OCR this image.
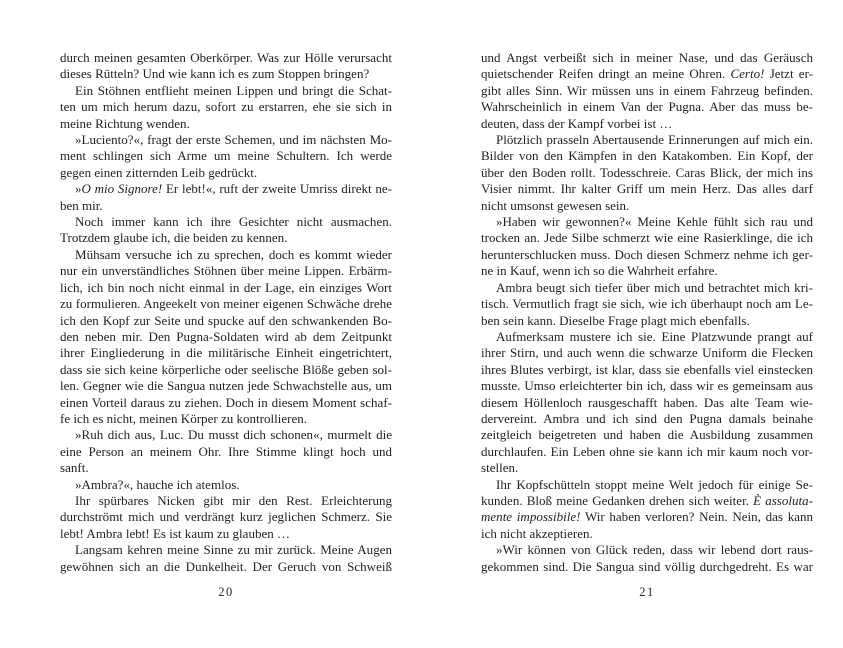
durch meinen gesamten Oberkörper. Was zur Hölle verursacht
dieses Rütteln? Und wie kann ich es zum Stoppen bringen?
Ein Stöhnen entflieht meinen Lippen und bringt die Schat-
ten um mich herum dazu, sofort zu erstarren, ehe sie sich in
meine Richtung wenden.
»Luciento?«, fragt der erste Schemen, und im nächsten Mo-
ment schlingen sich Arme um meine Schultern. Ich werde
gegen einen zitternden Leib gedrückt.
»O mio Signore! Er lebt!«, ruft der zweite Umriss direkt ne-
ben mir.
Noch immer kann ich ihre Gesichter nicht ausmachen.
Trotzdem glaube ich, die beiden zu kennen.
Mühsam versuche ich zu sprechen, doch es kommt wieder
nur ein unverständliches Stöhnen über meine Lippen. Erbärm-
lich, ich bin noch nicht einmal in der Lage, ein einziges Wort
zu formulieren. Angeekelt von meiner eigenen Schwäche drehe
ich den Kopf zur Seite und spucke auf den schwankenden Bo-
den neben mir. Den Pugna-Soldaten wird ab dem Zeitpunkt
ihrer Eingliederung in die militärische Einheit eingetrichtert,
dass sie sich keine körperliche oder seelische Blöße geben sol-
len. Gegner wie die Sangua nutzen jede Schwachstelle aus, um
einen Vorteil daraus zu ziehen. Doch in diesem Moment schaf-
fe ich es nicht, meinen Körper zu kontrollieren.
»Ruh dich aus, Luc. Du musst dich schonen«, murmelt die
eine Person an meinem Ohr. Ihre Stimme klingt hoch und
sanft.
»Ambra?«, hauche ich atemlos.
Ihr spürbares Nicken gibt mir den Rest. Erleichterung
durchströmt mich und verdrängt kurz jeglichen Schmerz. Sie
lebt! Ambra lebt! Es ist kaum zu glauben …
Langsam kehren meine Sinne zu mir zurück. Meine Augen
gewöhnen sich an die Dunkelheit. Der Geruch von Schweiß
20
und Angst verbeißt sich in meiner Nase, und das Geräusch
quietschender Reifen dringt an meine Ohren. Certo! Jetzt er-
gibt alles Sinn. Wir müssen uns in einem Fahrzeug befinden.
Wahrscheinlich in einem Van der Pugna. Aber das muss be-
deuten, dass der Kampf vorbei ist …
Plötzlich prasseln Abertausende Erinnerungen auf mich ein.
Bilder von den Kämpfen in den Katakomben. Ein Kopf, der
über den Boden rollt. Todesschreie. Caras Blick, der mich ins
Visier nimmt. Ihr kalter Griff um mein Herz. Das alles darf
nicht umsonst gewesen sein.
»Haben wir gewonnen?« Meine Kehle fühlt sich rau und
trocken an. Jede Silbe schmerzt wie eine Rasierklinge, die ich
herunterschlucken muss. Doch diesen Schmerz nehme ich ger-
ne in Kauf, wenn ich so die Wahrheit erfahre.
Ambra beugt sich tiefer über mich und betrachtet mich kri-
tisch. Vermutlich fragt sie sich, wie ich überhaupt noch am Le-
ben sein kann. Dieselbe Frage plagt mich ebenfalls.
Aufmerksam mustere ich sie. Eine Platzwunde prangt auf
ihrer Stirn, und auch wenn die schwarze Uniform die Flecken
ihres Blutes verbirgt, ist klar, dass sie ebenfalls viel einstecken
musste. Umso erleichterter bin ich, dass wir es gemeinsam aus
diesem Höllenloch rausgeschafft haben. Das alte Team wie-
dervereint. Ambra und ich sind den Pugna damals beinahe
zeitgleich beigetreten und haben die Ausbildung zusammen
durchlaufen. Ein Leben ohne sie kann ich mir kaum noch vor-
stellen.
Ihr Kopfschütteln stoppt meine Welt jedoch für einige Se-
kunden. Bloß meine Gedanken drehen sich weiter. È assoluta-
mente impossibile! Wir haben verloren? Nein. Nein, das kann
ich nicht akzeptieren.
»Wir können von Glück reden, dass wir lebend dort raus-
gekommen sind. Die Sangua sind völlig durchgedreht. Es war
21
